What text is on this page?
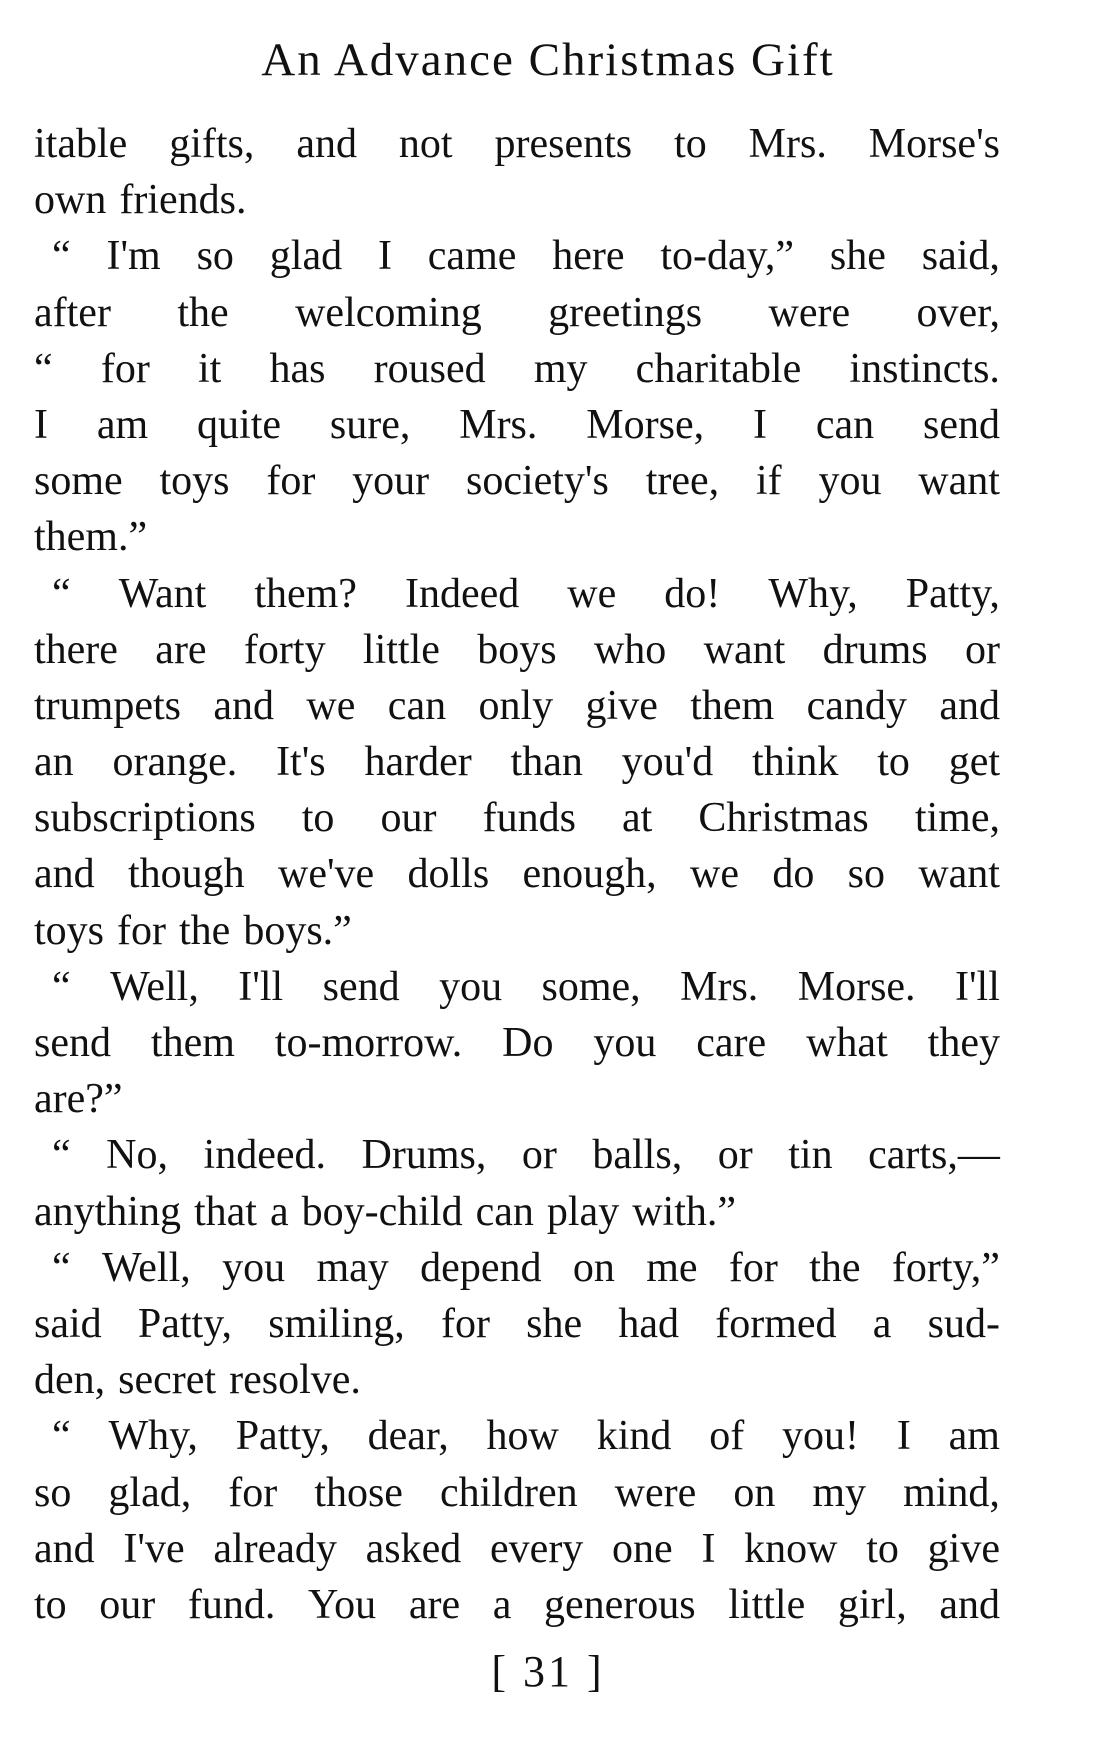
An Advance Christmas Gift
itable gifts, and not presents to Mrs. Morse's
own friends.
“ I'm so glad I came here to-day,” she said,
after the welcoming greetings were over,
“ for it has roused my charitable instincts.
I am quite sure, Mrs. Morse, I can send
some toys for your society's tree, if you want
them.”
“ Want them? Indeed we do! Why, Patty,
there are forty little boys who want drums or
trumpets and we can only give them candy and
an orange. It's harder than you'd think to get
subscriptions to our funds at Christmas time,
and though we've dolls enough, we do so want
toys for the boys.”
“ Well, I'll send you some, Mrs. Morse. I'll
send them to-morrow. Do you care what they
are?”
“ No, indeed. Drums, or balls, or tin carts,—
anything that a boy-child can play with.”
“ Well, you may depend on me for the forty,”
said Patty, smiling, for she had formed a sud-
den, secret resolve.
“ Why, Patty, dear, how kind of you! I am
so glad, for those children were on my mind,
and I've already asked every one I know to give
to our fund. You are a generous little girl, and
[ 31 ]
